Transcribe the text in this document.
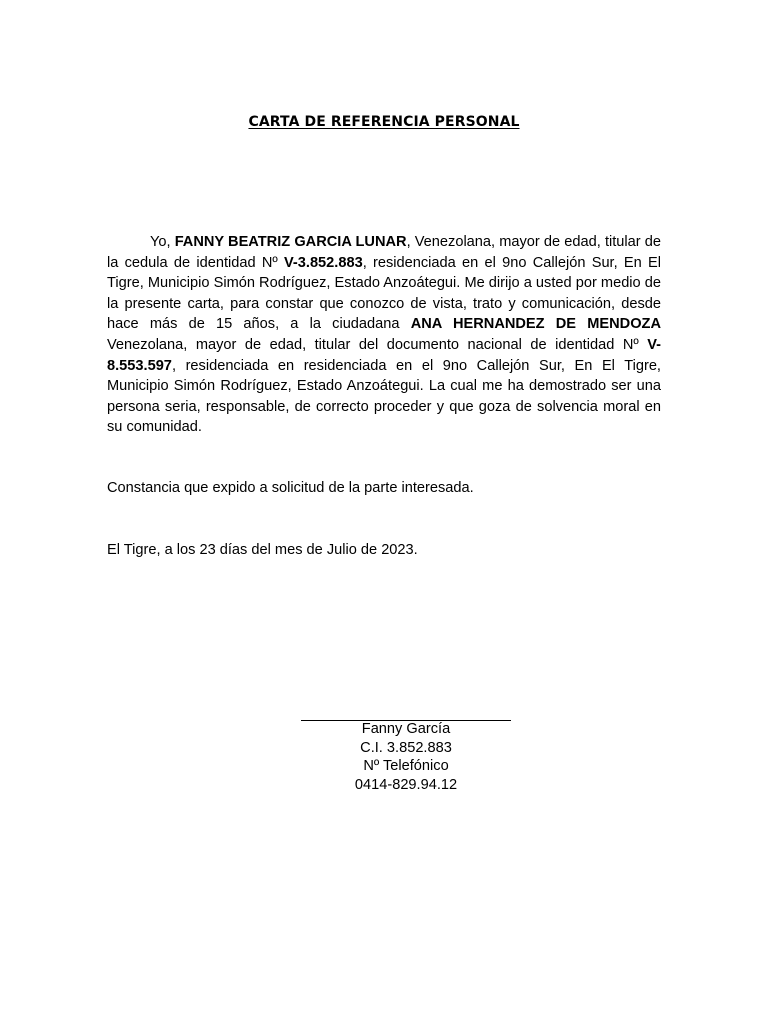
CARTA DE REFERENCIA PERSONAL

Yo, FANNY BEATRIZ GARCIA LUNAR, Venezolana, mayor de edad, titular de la cedula de identidad Nº V-3.852.883, residenciada en el 9no Callejón Sur, En El Tigre, Municipio Simón Rodríguez, Estado Anzoátegui. Me dirijo a usted por medio de la presente carta, para constar que conozco de vista, trato y comunicación, desde hace más de 15 años, a la ciudadana ANA HERNANDEZ DE MENDOZA Venezolana, mayor de edad, titular del documento nacional de identidad Nº V-8.553.597, residenciada en residenciada en el 9no Callejón Sur, En El Tigre, Municipio Simón Rodríguez, Estado Anzoátegui. La cual me ha demostrado ser una persona seria, responsable, de correcto proceder y que goza de solvencia moral en su comunidad.

Constancia que expido a solicitud de la parte interesada.

El Tigre, a los 23 días del mes de Julio de 2023.

Fanny García
C.I. 3.852.883
Nº Telefónico
0414-829.94.12
